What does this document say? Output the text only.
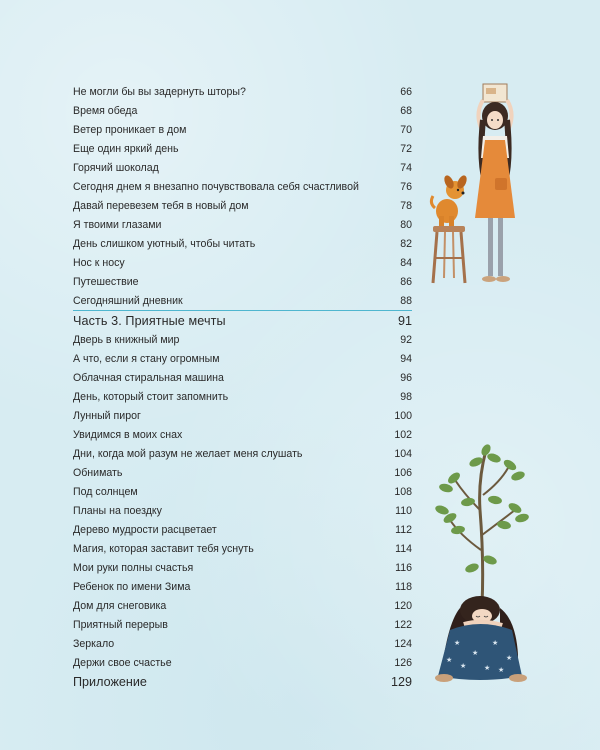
Не могли бы вы задернуть шторы?	66
Время обеда	68
Ветер проникает в дом	70
Еще один яркий день	72
Горячий шоколад	74
Сегодня днем я внезапно почувствовала себя счастливой	76
Давай перевезем тебя в новый дом	78
Я твоими глазами	80
День слишком уютный, чтобы читать	82
Нос к носу	84
Путешествие	86
Сегодняшний дневник	88
Часть 3. Приятные мечты	91
Дверь в книжный мир	92
А что, если я стану огромным	94
Облачная стиральная машина	96
День, который стоит запомнить	98
Лунный пирог	100
Увидимся в моих снах	102
Дни, когда мой разум не желает меня слушать	104
Обнимать	106
Под солнцем	108
Планы на поездку	110
Дерево мудрости расцветает	112
Магия, которая заставит тебя уснуть	114
Мои руки полны счастья	116
Ребенок по имени Зима	118
Дом для снеговика	120
Приятный перерыв	122
Зеркало	124
Держи свое счастье	126
Приложение	129
★
★
★
★
★	★
★
★
